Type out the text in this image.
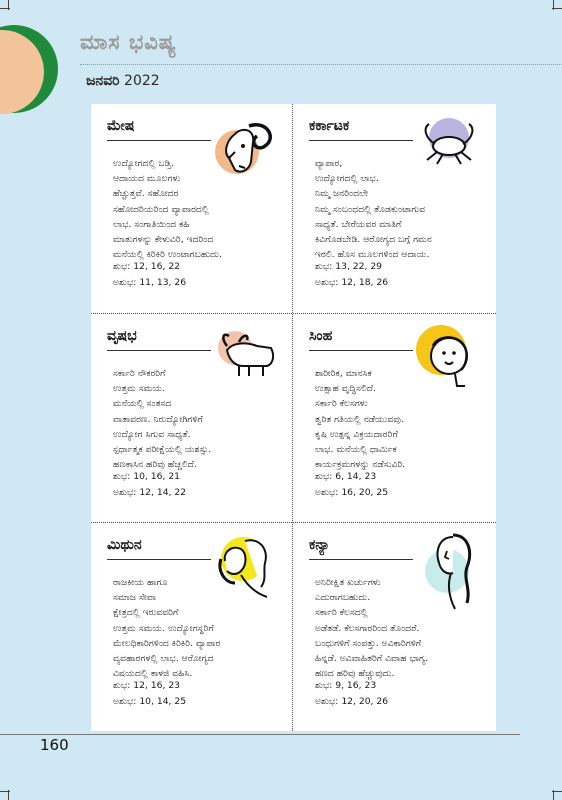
ಮಾಸ ಭವಿಷ್ಯ
ಜನವರಿ 2022
ಮೇಷ
ಉದ್ಯೋಗದಲ್ಲಿ ಬಡ್ತಿ.
ಆದಾಯದ ಮೂಲಗಳು
ಹೆಚ್ಚುತ್ತವೆ. ಸಹೋದರ
ಸಹೋದರಿಯರಿಂದ ವ್ಯಾಪಾರದಲ್ಲಿ
ಲಾಭ. ಸಂಗಾತಿಯಿಂದ ಕಹಿ
ಮಾತುಗಳನ್ನು ಕೇಳುವಿರಿ, ಇದರಿಂದ
ಮನೆಯಲ್ಲಿ ಕಿರಿಕಿರಿ ಉಂಟಾಗಬಹುದು.
ಶುಭ: 12, 16, 22
ಅಶುಭ: 11, 13, 26
ಕರ್ಕಾಟಕ
ವ್ಯಾಪಾರ,
ಉದ್ಯೋಗದಲ್ಲಿ ಲಾಭ.
ನಿಮ್ಮ ಜನರಿಂದಲೇ
ನಿಮ್ಮ ಸಂಬಂಧದಲ್ಲಿ ತೊಡಕುಂಟಾಗುವ
ಸಾಧ್ಯತೆ. ಬೇರೆಯವರ ಮಾತಿಗೆ
ಕಿವಿಗೊಡಬೇಡಿ. ಆರೋಗ್ಯದ ಬಗ್ಗೆ ಗಮನ
ಇರಲಿ. ಹೊಸ ಮೂಲಗಳಿಂದ ಆದಾಯ.
ಶುಭ: 13, 22, 29
ಅಶುಭ: 12, 18, 26
ವೃಷಭ
ಸರ್ಕಾರಿ ನೌಕರರಿಗೆ
ಉತ್ತಮ ಸಮಯ.
ಮನೆಯಲ್ಲಿ ಸಂತಸದ
ವಾತಾವರಣ. ನಿರುದ್ಯೋಗಿಗಳಿಗೆ
ಉದ್ಯೋಗ ಸಿಗುವ ಸಾಧ್ಯತೆ.
ಸ್ಪರ್ಧಾತ್ಮಕ ಪರೀಕ್ಷೆಯಲ್ಲಿ ಯಶಸ್ಸು.
ಹಣಕಾಸಿನ ಹರಿವು ಹೆಚ್ಚಲಿದೆ.
ಶುಭ: 10, 16, 21
ಅಶುಭ: 12, 14, 22
ಸಿಂಹ
ಶಾರೀರಿಕ, ಮಾನಸಿಕ
ಉತ್ಸಾಹ ವೃದ್ಧಿಸಲಿದೆ.
ಸರ್ಕಾರಿ ಕೆಲಸಗಳು
ತ್ವರಿತ ಗತಿಯಲ್ಲಿ ನಡೆಯುವವು.
ಕೃಷಿ ಉತ್ಪನ್ನ ವಿಕ್ರಯದಾರರಿಗೆ
ಲಾಭ. ಮನೆಯಲ್ಲಿ ಧಾರ್ಮಿಕ
ಕಾರ್ಯಕ್ರಮಗಳನ್ನು ನಡೆಸುವಿರಿ.
ಶುಭ: 6, 14, 23
ಅಶುಭ: 16, 20, 25
ಮಿಥುನ
ರಾಜಕೀಯ ಹಾಗೂ
ಸಮಾಜ ಸೇವಾ
ಕ್ಷೇತ್ರದಲ್ಲಿ ಇರುವವರಿಗೆ
ಉತ್ತಮ ಸಮಯ. ಉದ್ಯೋಗಸ್ಥರಿಗೆ
ಮೇಲಧಿಕಾರಿಗಳಿಂದ ಕಿರಿಕಿರಿ. ವ್ಯಾಪಾರ
ವ್ಯವಹಾರಗಳಲ್ಲಿ ಲಾಭ. ಆರೋಗ್ಯದ
ವಿಷಯದಲ್ಲಿ ಕಾಳಜಿ ವಹಿಸಿ.
ಶುಭ: 12, 16, 23
ಅಶುಭ: 10, 14, 25
ಕನ್ಯಾ
ಅನಿರೀಕ್ಷಿತ ಖರ್ಚುಗಳು
ಎದುರಾಗಬಹುದು.
ಸರ್ಕಾರಿ ಕೆಲಸದಲ್ಲಿ
ಅಡೆತಡೆ. ಕೆಲಸಗಾರರಿಂದ ತೊಂದರೆ.
ಬಂಧುಗಳಿಗೆ ಸಂಪತ್ತು. ಅವಿಕಾರಿಗಳಿಗೆ
ಹಿನ್ನಡೆ. ಅವಿವಾಹಿತರಿಗೆ ವಿವಾಹ ಭಾಗ್ಯ.
ಹಣದ ಹರಿವು ಹೆಚ್ಚುವುದು.
ಶುಭ: 9, 16, 23
ಅಶುಭ: 12, 20, 26
160
